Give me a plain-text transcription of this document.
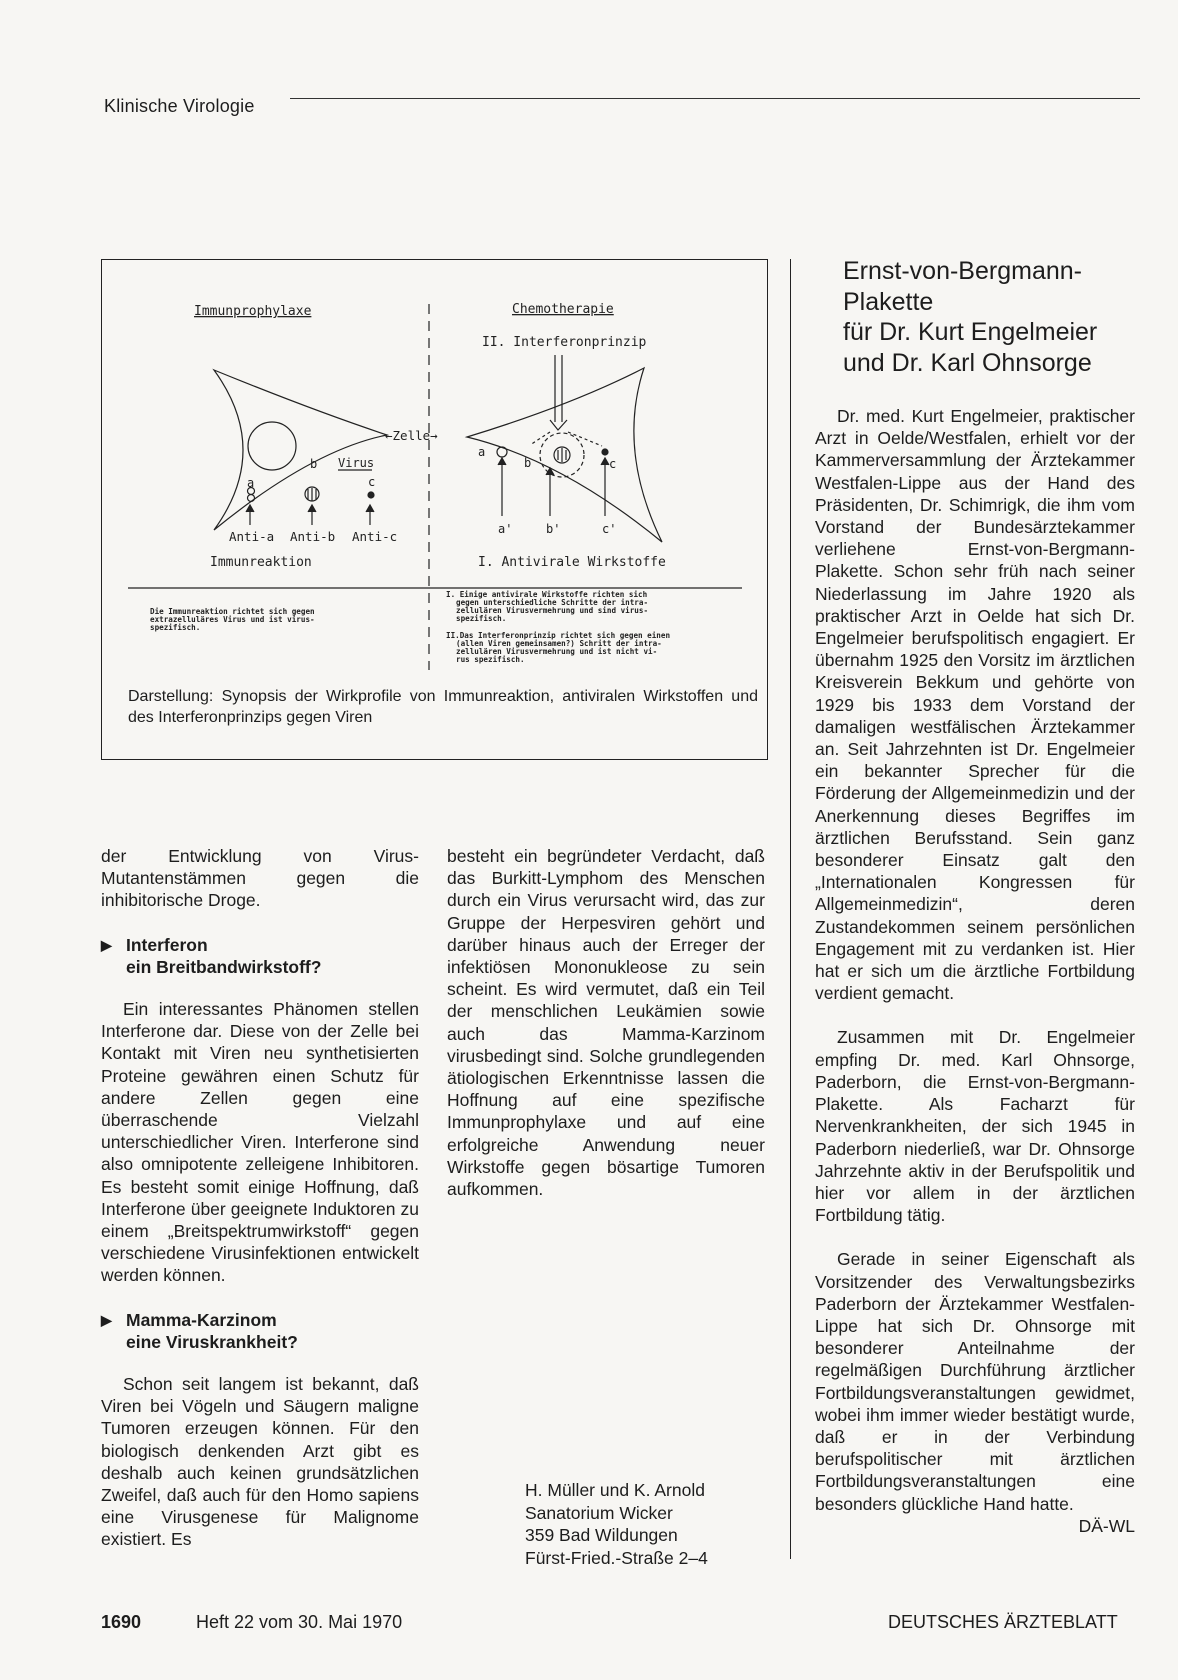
Klinische Virologie
Immunprophylaxe	Chemotherapie
II. Interferonprinzip
Virus
a
b
c
Anti-a Anti-b Anti-c
←Zelle→
a
b	c
a'	b'	c'
Immunreaktion	I. Antivirale Wirkstoffe
Die Immunreaktion richtet sich gegen
extrazelluläres Virus und ist virus-
spezifisch.
I. Einige antivirale Wirkstoffe richten sich
gegen unterschiedliche Schritte der intra-
zellulären Virusvermehrung und sind virus-
spezifisch.
II.Das Interferonprinzip richtet sich gegen einen
(allen Viren gemeinsamen?) Schritt der intra-
zellulären Virusvermehrung und ist nicht vi-
rus spezifisch.
Darstellung: Synopsis der Wirkprofile von Immunreaktion, antiviralen Wirkstoffen und des Interferonprinzips gegen Viren

der Entwicklung von Virus-Mutantenstämmen gegen die inhibitorische Droge.

▶ Interferon
ein Breitbandwirkstoff?

Ein interessantes Phänomen stellen Interferone dar. Diese von der Zelle bei Kontakt mit Viren neu synthetisierten Proteine gewähren einen Schutz für andere Zellen gegen eine überraschende Vielzahl unterschiedlicher Viren. Interferone sind also omnipotente zelleigene Inhibitoren. Es besteht somit einige Hoffnung, daß Interferone über geeignete Induktoren zu einem „Breitspektrumwirkstoff“ gegen verschiedene Virusinfektionen entwickelt werden können.

▶ Mamma-Karzinom
eine Viruskrankheit?

Schon seit langem ist bekannt, daß Viren bei Vögeln und Säugern maligne Tumoren erzeugen können. Für den biologisch denkenden Arzt gibt es deshalb auch keinen grundsätzlichen Zweifel, daß auch für den Homo sapiens eine Virusgenese für Malignome existiert. Es

besteht ein begründeter Verdacht, daß das Burkitt-Lymphom des Menschen durch ein Virus verursacht wird, das zur Gruppe der Herpesviren gehört und darüber hinaus auch der Erreger der infektiösen Mononukleose zu sein scheint. Es wird vermutet, daß ein Teil der menschlichen Leukämien sowie auch das Mamma-Karzinom virusbedingt sind. Solche grundlegenden ätiologischen Erkenntnisse lassen die Hoffnung auf eine spezifische Immunprophylaxe und auf eine erfolgreiche Anwendung neuer Wirkstoffe gegen bösartige Tumoren aufkommen.

H. Müller und K. Arnold
Sanatorium Wicker
359 Bad Wildungen
Fürst-Fried.-Straße 2–4
Ernst-von-Bergmann-
Plakette
für Dr. Kurt Engelmeier
und Dr. Karl Ohnsorge

Dr. med. Kurt Engelmeier, praktischer Arzt in Oelde/Westfalen, erhielt vor der Kammerversammlung der Ärztekammer Westfalen-Lippe aus der Hand des Präsidenten, Dr. Schimrigk, die ihm vom Vorstand der Bundesärztekammer verliehene Ernst-von-Bergmann-Plakette. Schon sehr früh nach seiner Niederlassung im Jahre 1920 als praktischer Arzt in Oelde hat sich Dr. Engelmeier berufspolitisch engagiert. Er übernahm 1925 den Vorsitz im ärztlichen Kreisverein Bekkum und gehörte von 1929 bis 1933 dem Vorstand der damaligen westfälischen Ärztekammer an. Seit Jahrzehnten ist Dr. Engelmeier ein bekannter Sprecher für die Förderung der Allgemeinmedizin und der Anerkennung dieses Begriffes im ärztlichen Berufsstand. Sein ganz besonderer Einsatz galt den „Internationalen Kongressen für Allgemeinmedizin“, deren Zustandekommen seinem persönlichen Engagement mit zu verdanken ist. Hier hat er sich um die ärztliche Fortbildung verdient gemacht.

Zusammen mit Dr. Engelmeier empfing Dr. med. Karl Ohnsorge, Paderborn, die Ernst-von-Bergmann-Plakette. Als Facharzt für Nervenkrankheiten, der sich 1945 in Paderborn niederließ, war Dr. Ohnsorge Jahrzehnte aktiv in der Berufspolitik und hier vor allem in der ärztlichen Fortbildung tätig.

Gerade in seiner Eigenschaft als Vorsitzender des Verwaltungsbezirks Paderborn der Ärztekammer Westfalen-Lippe hat sich Dr. Ohnsorge mit besonderer Anteilnahme der regelmäßigen Durchführung ärztlicher Fortbildungsveranstaltungen gewidmet, wobei ihm immer wieder bestätigt wurde, daß er in der Verbindung berufspolitischer mit ärztlichen Fortbildungsveranstaltungen eine besonders glückliche Hand hatte.
DÄ-WL

1690	Heft 22 vom 30. Mai 1970	DEUTSCHES ÄRZTEBLATT
